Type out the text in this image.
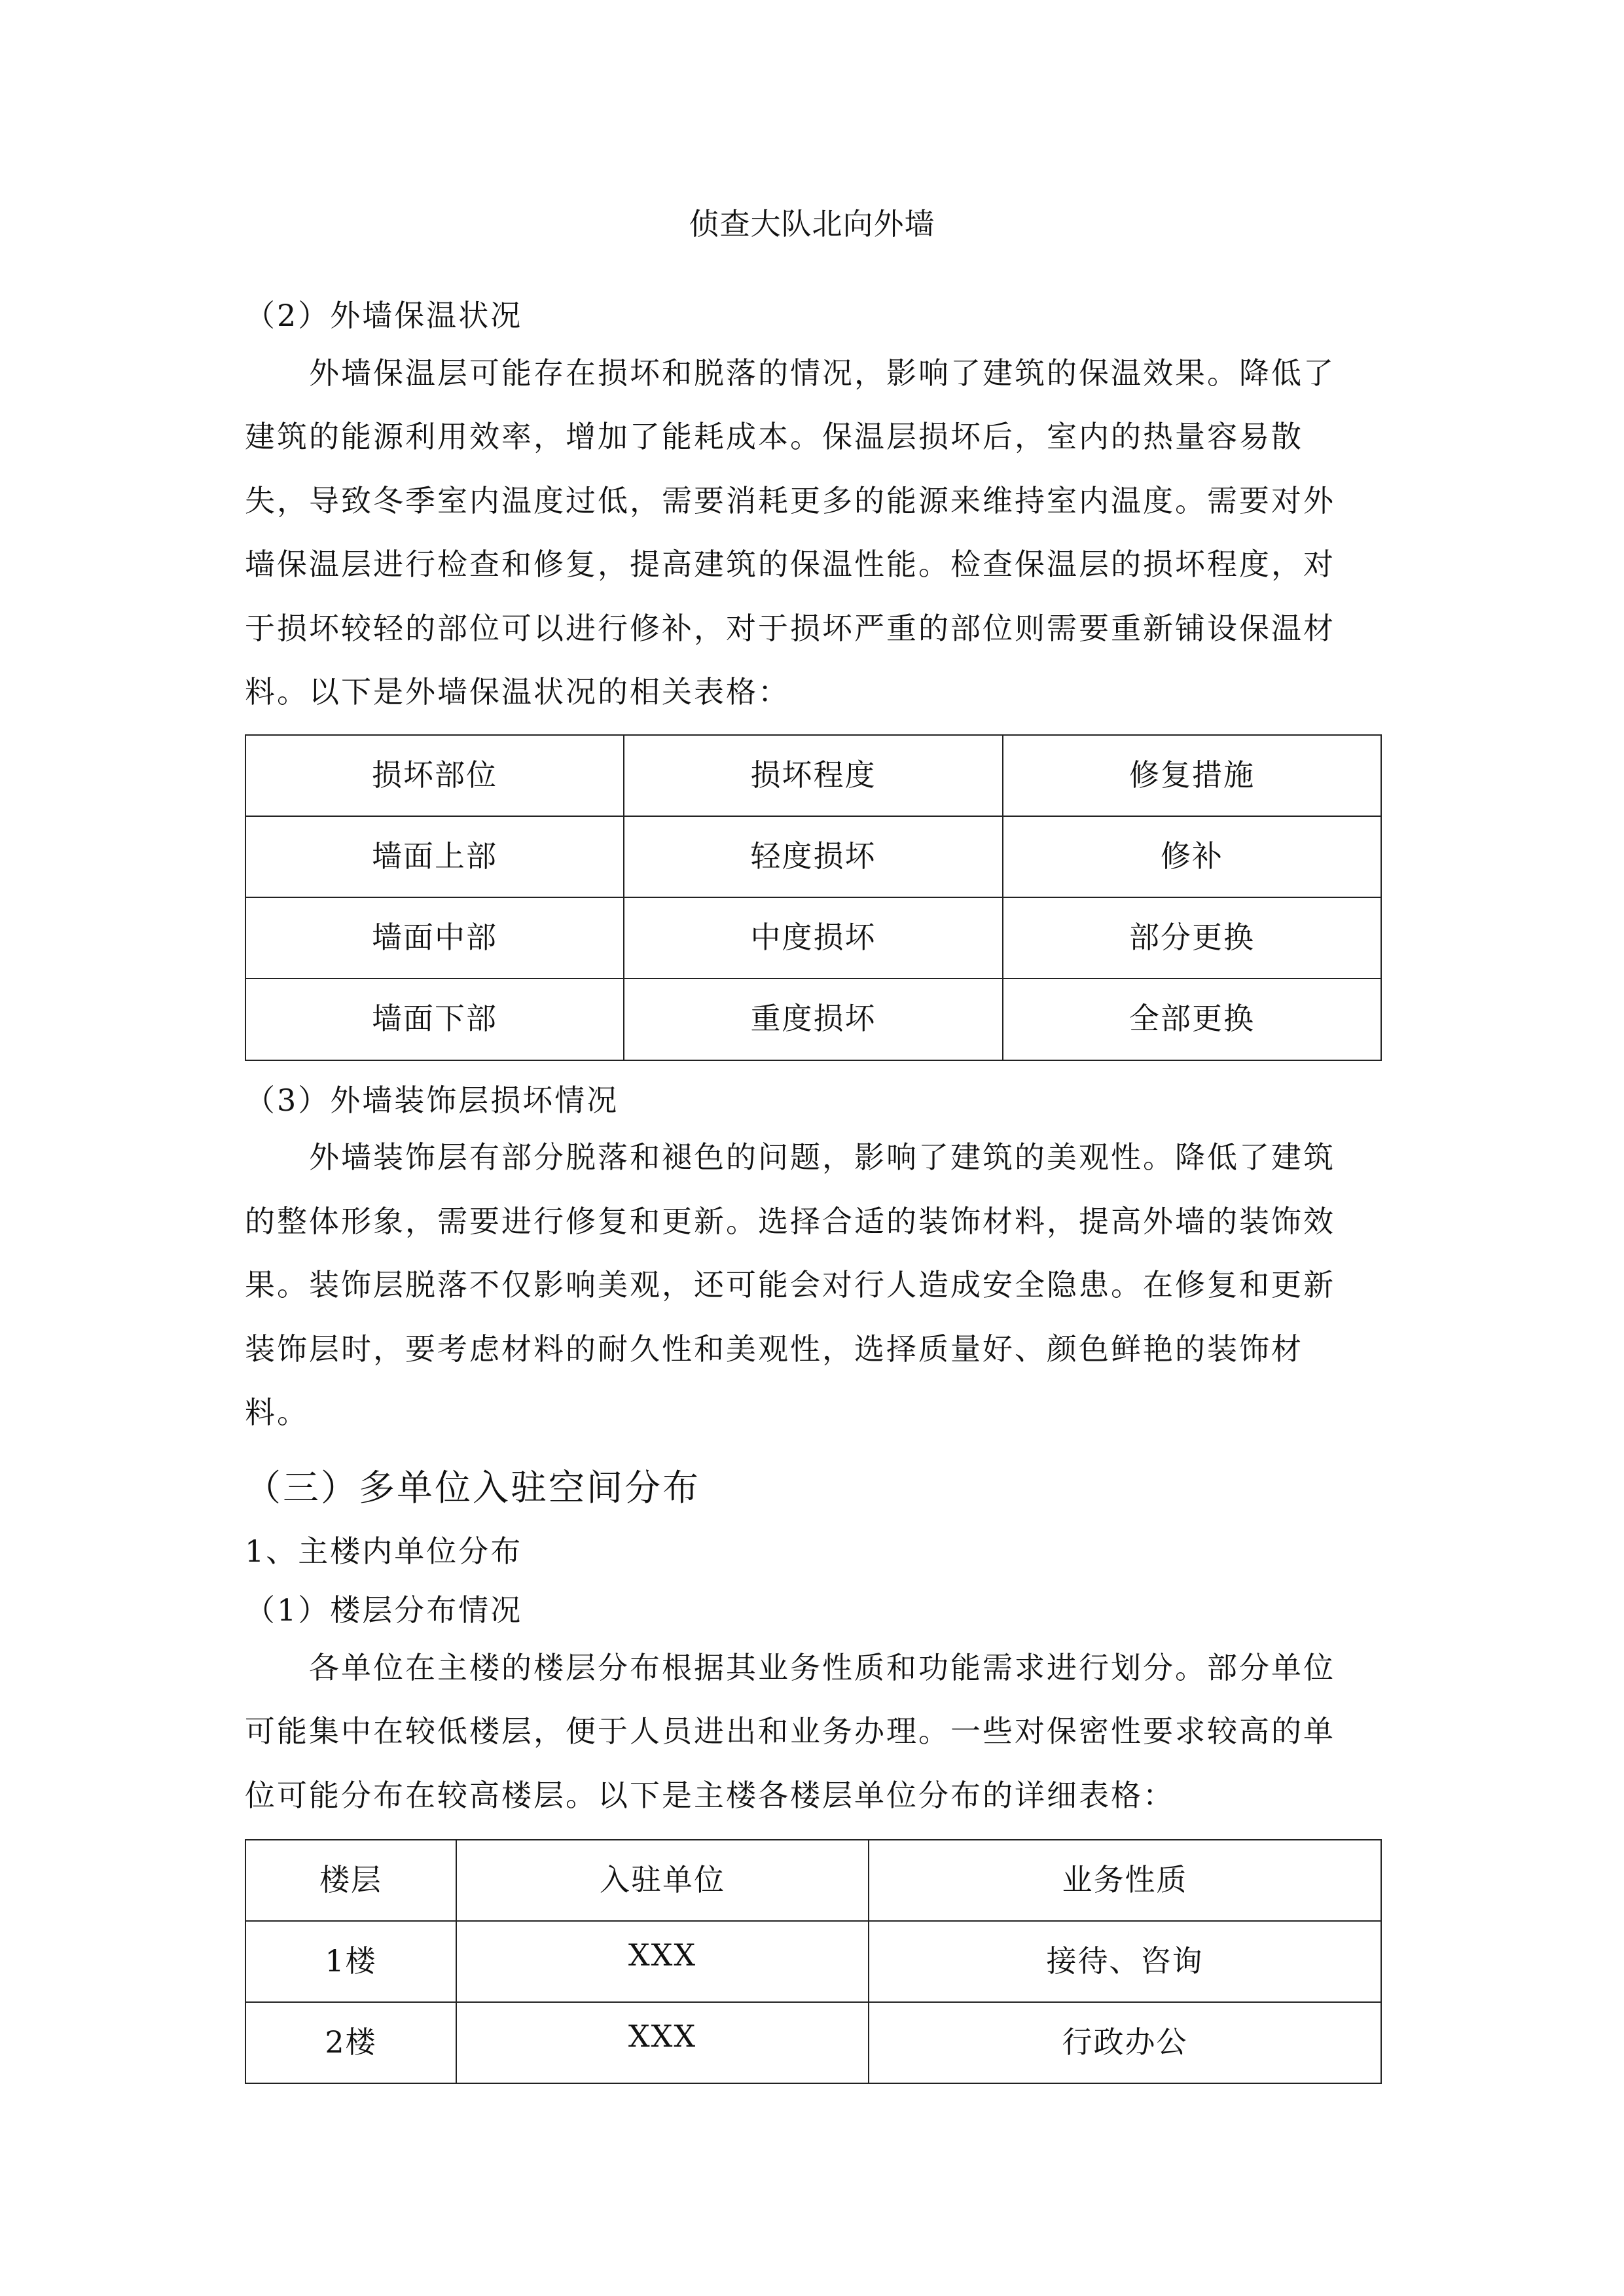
侦查大队北向外墙
（2）外墙保温状况
外墙保温层可能存在损坏和脱落的情况，影响了建筑的保温效果。降低了
建筑的能源利用效率，增加了能耗成本。保温层损坏后，室内的热量容易散
失，导致冬季室内温度过低，需要消耗更多的能源来维持室内温度。需要对外
墙保温层进行检查和修复，提高建筑的保温性能。检查保温层的损坏程度，对
于损坏较轻的部位可以进行修补，对于损坏严重的部位则需要重新铺设保温材
料。以下是外墙保温状况的相关表格：
损坏部位	损坏程度	修复措施
墙面上部	轻度损坏	修补
墙面中部	中度损坏	部分更换
墙面下部	重度损坏	全部更换
（3）外墙装饰层损坏情况
外墙装饰层有部分脱落和褪色的问题，影响了建筑的美观性。降低了建筑
的整体形象，需要进行修复和更新。选择合适的装饰材料，提高外墙的装饰效
果。装饰层脱落不仅影响美观，还可能会对行人造成安全隐患。在修复和更新
装饰层时，要考虑材料的耐久性和美观性，选择质量好、颜色鲜艳的装饰材
料。
（三）多单位入驻空间分布
1、主楼内单位分布
（1）楼层分布情况
各单位在主楼的楼层分布根据其业务性质和功能需求进行划分。部分单位
可能集中在较低楼层，便于人员进出和业务办理。一些对保密性要求较高的单
位可能分布在较高楼层。以下是主楼各楼层单位分布的详细表格：
楼层	入驻单位	业务性质
1楼	XXX	接待、咨询
2楼	XXX	行政办公
